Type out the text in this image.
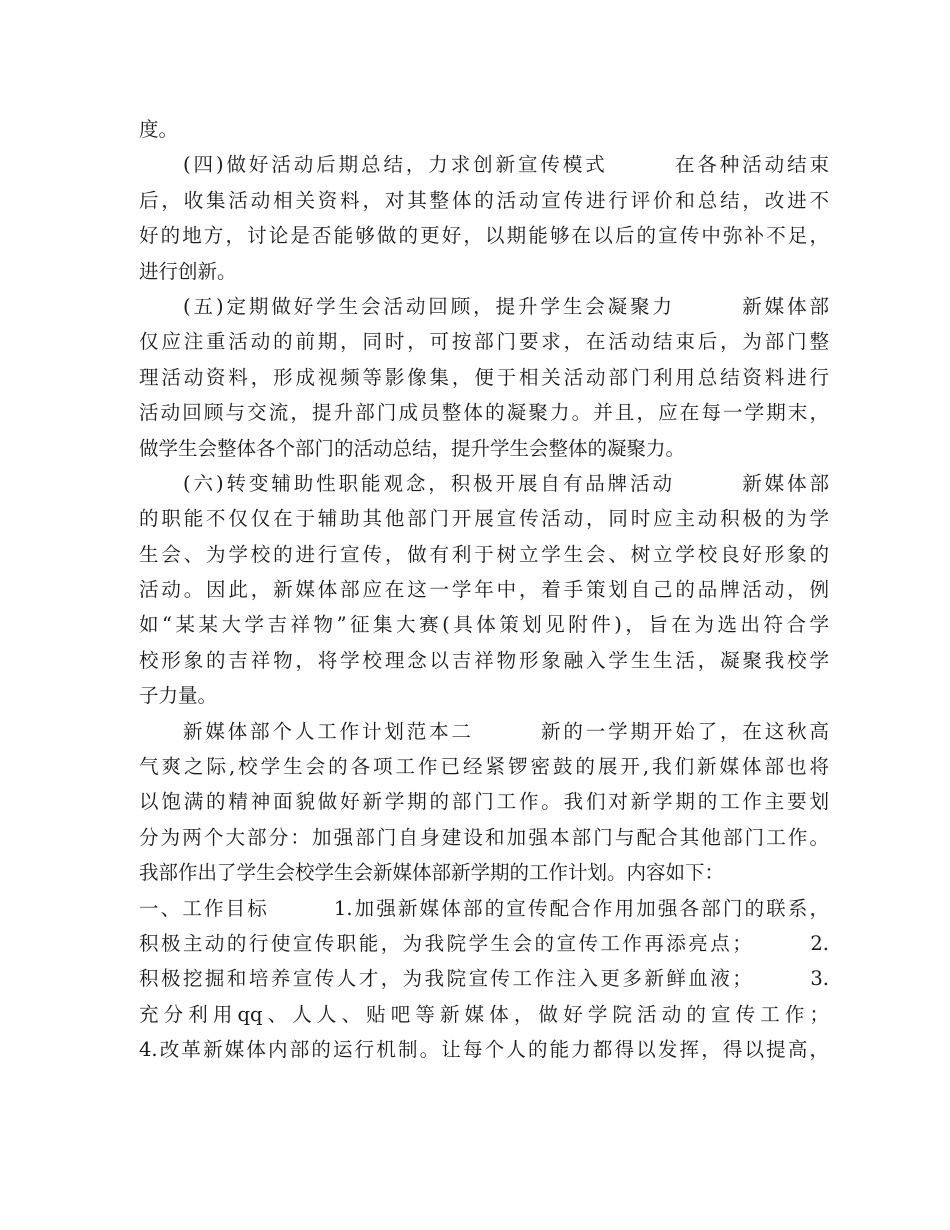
度。
(四)做好活动后期总结，力求创新宣传模式　　　在各种活动结束
后，收集活动相关资料，对其整体的活动宣传进行评价和总结，改进不
好的地方，讨论是否能够做的更好，以期能够在以后的宣传中弥补不足，
进行创新。
(五)定期做好学生会活动回顾，提升学生会凝聚力　　　新媒体部
仅应注重活动的前期，同时，可按部门要求，在活动结束后，为部门整
理活动资料，形成视频等影像集，便于相关活动部门利用总结资料进行
活动回顾与交流，提升部门成员整体的凝聚力。并且，应在每一学期末，
做学生会整体各个部门的活动总结，提升学生会整体的凝聚力。
(六)转变辅助性职能观念，积极开展自有品牌活动　　　新媒体部
的职能不仅仅在于辅助其他部门开展宣传活动，同时应主动积极的为学
生会、为学校的进行宣传，做有利于树立学生会、树立学校良好形象的
活动。因此，新媒体部应在这一学年中，着手策划自己的品牌活动，例
如“某某大学吉祥物”征集大赛(具体策划见附件)，旨在为选出符合学
校形象的吉祥物，将学校理念以吉祥物形象融入学生生活，凝聚我校学
子力量。
新媒体部个人工作计划范本二　　　新的一学期开始了，在这秋高
气爽之际,校学生会的各项工作已经紧锣密鼓的展开,我们新媒体部也将
以饱满的精神面貌做好新学期的部门工作。我们对新学期的工作主要划
分为两个大部分：加强部门自身建设和加强本部门与配合其他部门工作。
我部作出了学生会校学生会新媒体部新学期的工作计划。内容如下：
一、工作目标　　　1.加强新媒体部的宣传配合作用加强各部门的联系，
积极主动的行使宣传职能，为我院学生会的宣传工作再添亮点；　　　2.
积极挖掘和培养宣传人才，为我院宣传工作注入更多新鲜血液；　　　3.
充分利用qq、人人、贴吧等新媒体，做好学院活动的宣传工作；
4.改革新媒体内部的运行机制。让每个人的能力都得以发挥，得以提高，
